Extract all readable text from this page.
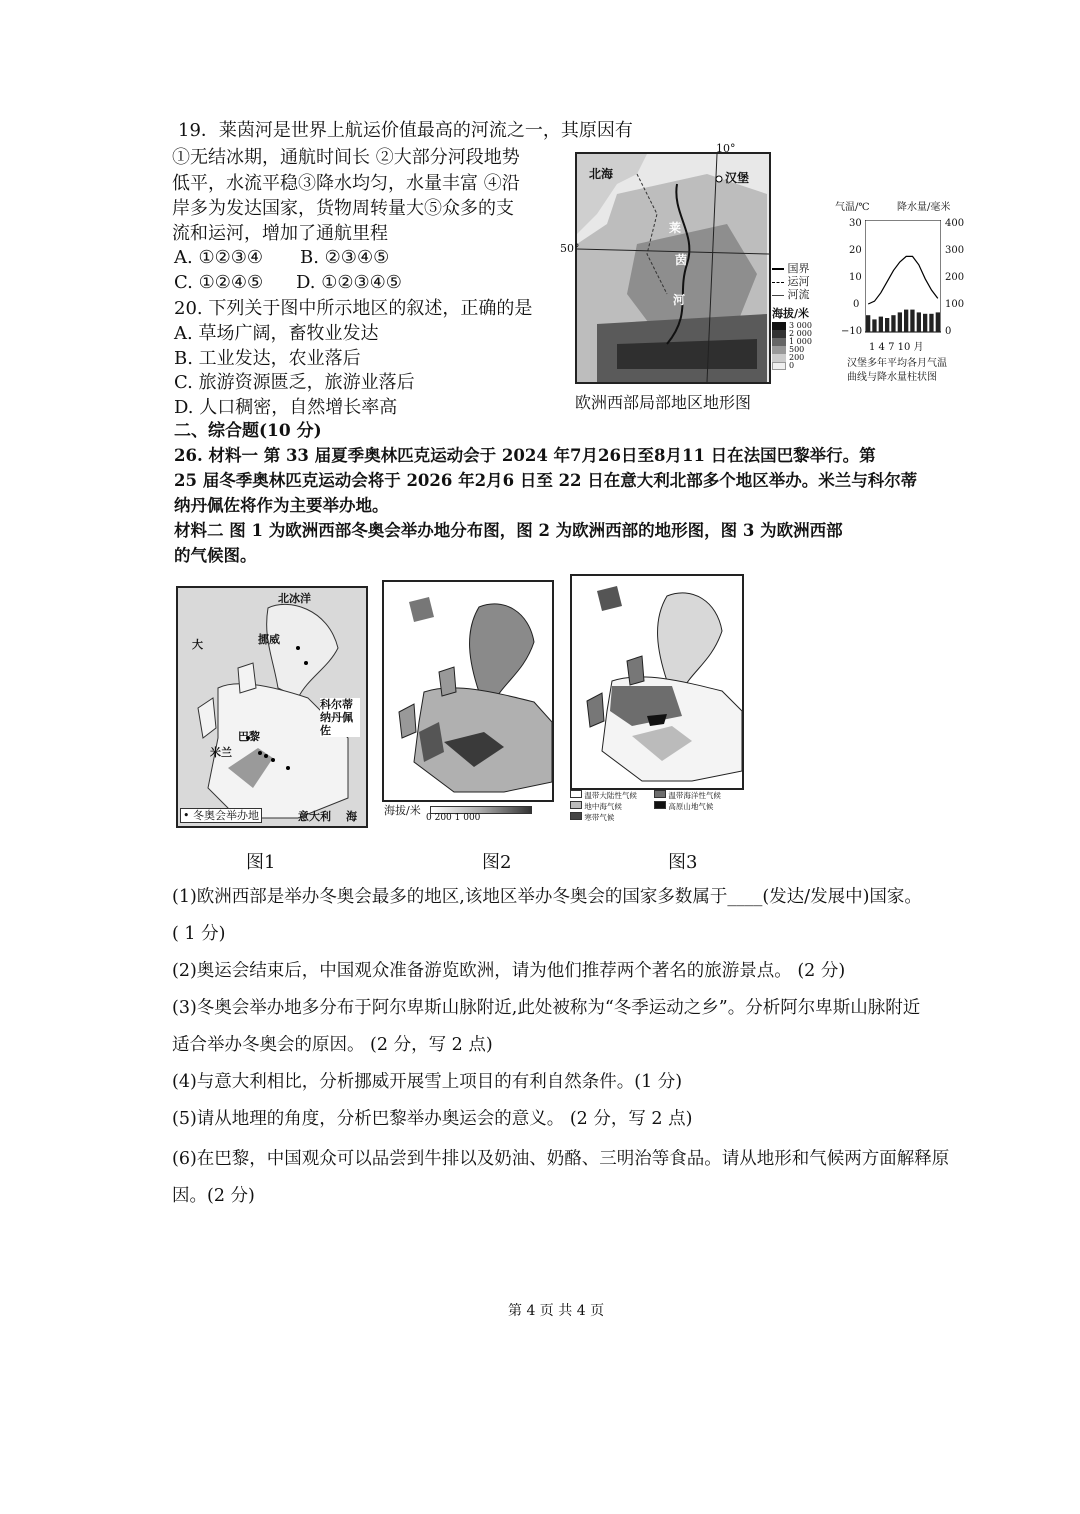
19．莱茵河是世界上航运价值最高的河流之一，其原因有
①无结冰期，通航时间长 ②大部分河段地势
低平，水流平稳③降水均匀，水量丰富 ④沿
岸多为发达国家，货物周转量大⑤众多的支
流和运河，增加了通航里程
A. ①②③④ B. ②③④⑤
C. ①②④⑤ D. ①②③④⑤
20. 下列关于图中所示地区的叙述，正确的是
A. 草场广阔，畜牧业发达
B. 工业发达，农业落后
C. 旅游资源匮乏，旅游业落后
D. 人口稠密，自然增长率高
北海	汉堡
莱
茵
河
10°
50°
国界
运河
河流
海拔/米
3 000
2 000
1 000
500
200
0
欧洲西部局部地区地形图
气温/℃	降水量/毫米
30
20
10
0
−10
400
300
200
100
0
1 4 7 10 月
汉堡多年平均各月气温
曲线与降水量柱状图
二、综合题(10 分)
26. 材料一 第 33 届夏季奥林匹克运动会于 2024 年7月26日至8月11 日在法国巴黎举行。第
25 届冬季奥林匹克运动会将于 2026 年2月6 日至 22 日在意大利北部多个地区举办。米兰与科尔蒂
纳丹佩佐将作为主要举办地。
材料二 图 1 为欧洲西部冬奥会举办地分布图，图 2 为欧洲西部的地形图，图 3 为欧洲西部
的气候图。
北冰洋
挪威
大
巴黎
科尔蒂纳丹佩佐
米兰
意大利 海
• 冬奥会举办地	海拔/米
0 200 1 000
温带大陆性气候	温带海洋性气候
地中海气候	高原山地气候
寒带气候
图1	图2	图3
(1)欧洲西部是举办冬奥会最多的地区,该地区举办冬奥会的国家多数属于____(发达/发展中)国家。
( 1 分)
(2)奥运会结束后，中国观众准备游览欧洲，请为他们推荐两个著名的旅游景点。 (2 分)
(3)冬奥会举办地多分布于阿尔卑斯山脉附近,此处被称为“冬季运动之乡”。分析阿尔卑斯山脉附近
适合举办冬奥会的原因。 (2 分，写 2 点)
(4)与意大利相比，分析挪威开展雪上项目的有利自然条件。(1 分)
(5)请从地理的角度，分析巴黎举办奥运会的意义。 (2 分，写 2 点)
(6)在巴黎，中国观众可以品尝到牛排以及奶油、奶酪、三明治等食品。请从地形和气候两方面解释原
因。(2 分)
第 4 页 共 4 页
